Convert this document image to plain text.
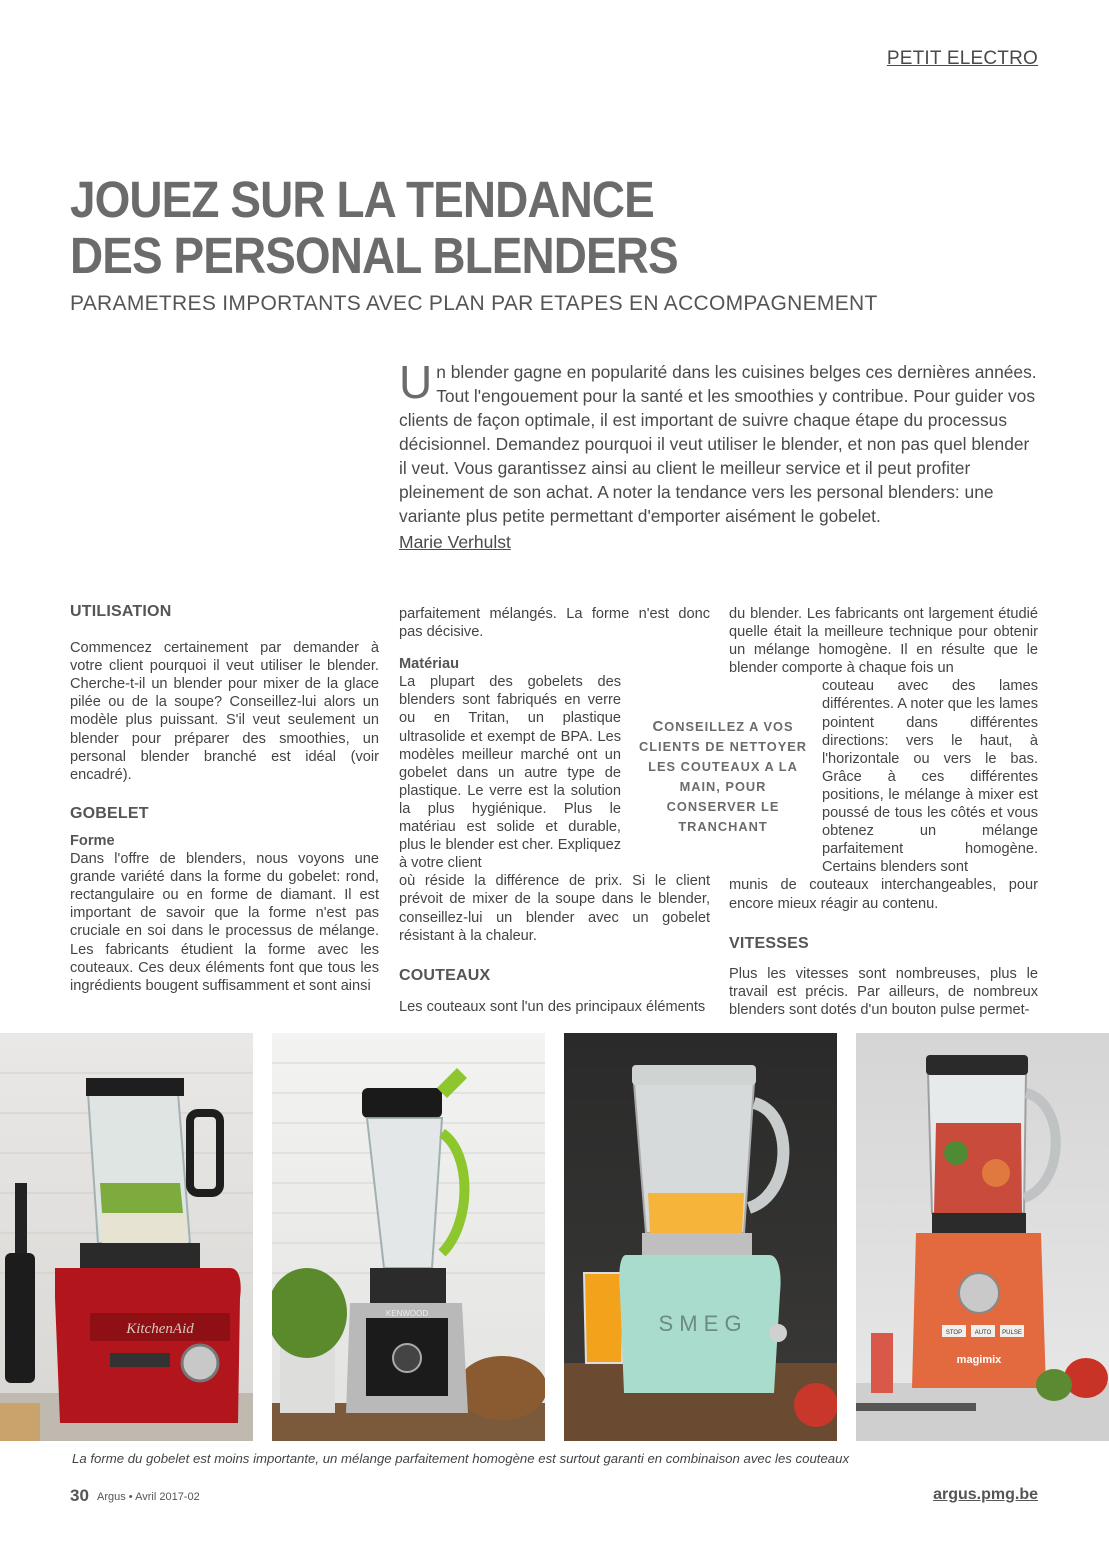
PETIT ELECTRO
JOUEZ SUR LA TENDANCE
DES PERSONAL BLENDERS
PARAMETRES IMPORTANTS AVEC PLAN PAR ETAPES EN ACCOMPAGNEMENT
Un blender gagne en popularité dans les cuisines belges ces dernières années. Tout l'engouement pour la santé et les smoothies y contribue. Pour guider vos clients de façon optimale, il est important de suivre chaque étape du processus décisionnel. Demandez pourquoi il veut utiliser le blender, et non pas quel blender il veut. Vous garantissez ainsi au client le meilleur service et il peut profiter pleinement de son achat. A noter la tendance vers les personal blenders: une variante plus petite permettant d'emporter aisément le gobelet.
Marie Verhulst
UTILISATION

Commencez certainement par demander à votre client pourquoi il veut utiliser le blender. Cherche-t-il un blender pour mixer de la glace pilée ou de la soupe? Conseillez-lui alors un modèle plus puissant. S'il veut seulement un blender pour préparer des smoothies, un personal blender branché est idéal (voir encadré).

GOBELET
Forme

Dans l'offre de blenders, nous voyons une grande variété dans la forme du gobelet: rond, rectangulaire ou en forme de diamant. Il est important de savoir que la forme n'est pas cruciale en soi dans le processus de mélange. Les fabricants étudient la forme avec les couteaux. Ces deux éléments font que tous les ingrédients bougent suffisamment et sont ainsi

parfaitement mélangés. La forme n'est donc pas décisive.

Matériau

La plupart des gobelets des blenders sont fabriqués en verre ou en Tritan, un plastique ultrasolide et exempt de BPA. Les modèles meilleur marché ont un gobelet dans un autre type de plastique. Le verre est la solution la plus hygiénique. Plus le matériau est solide et durable, plus le blender est cher. Expliquez à votre client

où réside la différence de prix. Si le client prévoit de mixer de la soupe dans le blender, conseillez-lui un blender avec un gobelet résistant à la chaleur.

COUTEAUX

Les couteaux sont l'un des principaux éléments

CONSEILLEZ A VOS CLIENTS DE NETTOYER LES COUTEAUX A LA MAIN, POUR CONSERVER LE TRANCHANT

du blender. Les fabricants ont largement étudié quelle était la meilleure technique pour obtenir un mélange homogène. Il en résulte que le blender comporte à chaque fois un

couteau avec des lames différentes. A noter que les lames pointent dans différentes directions: vers le haut, à l'horizontale ou vers le bas. Grâce à ces différentes positions, le mélange à mixer est poussé de tous les côtés et vous obtenez un mélange parfaitement homogène. Certains blenders sont

munis de couteaux interchangeables, pour encore mieux réagir au contenu.

VITESSES

Plus les vitesses sont nombreuses, plus le travail est précis. Par ailleurs, de nombreux blenders sont dotés d'un bouton pulse permet-

KitchenAid
KENWOOD	S M E G	STOP AUTO PULSE
magimix
La forme du gobelet est moins importante, un mélange parfaitement homogène est surtout garanti en combinaison avec les couteaux
30 Argus • Avril 2017-02	argus.pmg.be
